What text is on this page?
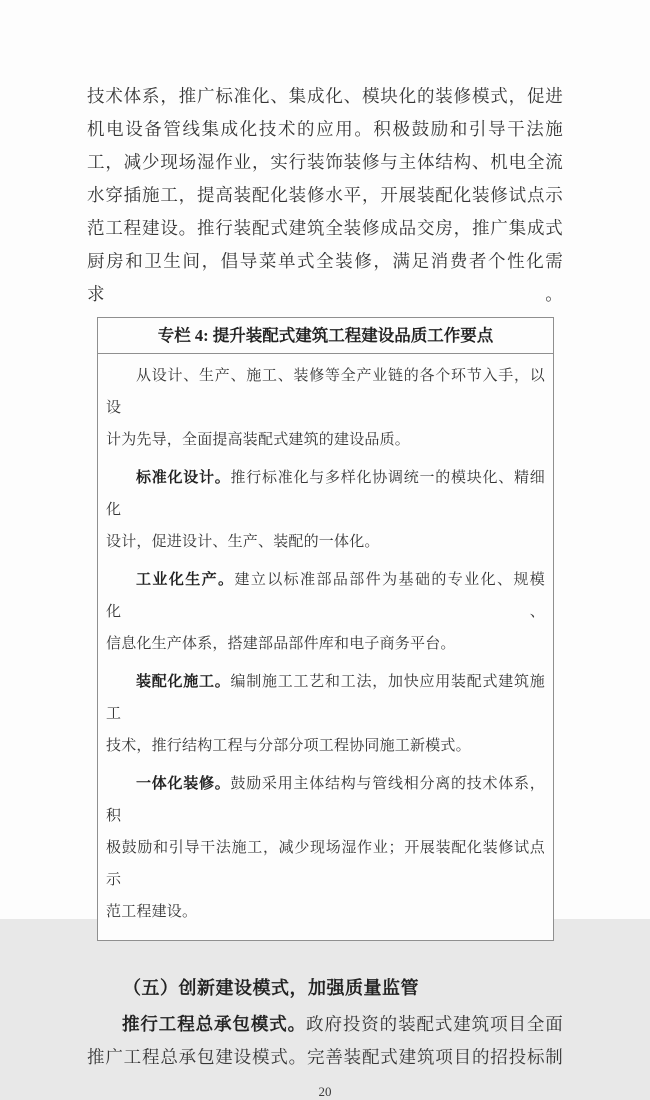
技术体系，推广标准化、集成化、模块化的装修模式，促进
机电设备管线集成化技术的应用。积极鼓励和引导干法施
工，减少现场湿作业，实行装饰装修与主体结构、机电全流
水穿插施工，提高装配化装修水平，开展装配化装修试点示
范工程建设。推行装配式建筑全装修成品交房，推广集成式
厨房和卫生间，倡导菜单式全装修，满足消费者个性化需求。
专栏 4: 提升装配式建筑工程建设品质工作要点
从设计、生产、施工、装修等全产业链的各个环节入手，以设
计为先导，全面提高装配式建筑的建设品质。
标准化设计。推行标准化与多样化协调统一的模块化、精细化
设计，促进设计、生产、装配的一体化。
工业化生产。建立以标准部品部件为基础的专业化、规模化、
信息化生产体系，搭建部品部件库和电子商务平台。
装配化施工。编制施工工艺和工法，加快应用装配式建筑施工
技术，推行结构工程与分部分项工程协同施工新模式。
一体化装修。鼓励采用主体结构与管线相分离的技术体系，积
极鼓励和引导干法施工，减少现场湿作业；开展装配化装修试点示
范工程建设。
（五）创新建设模式，加强质量监管
推行工程总承包模式。政府投资的装配式建筑项目全面
推广工程总承包建设模式。完善装配式建筑项目的招投标制
20
